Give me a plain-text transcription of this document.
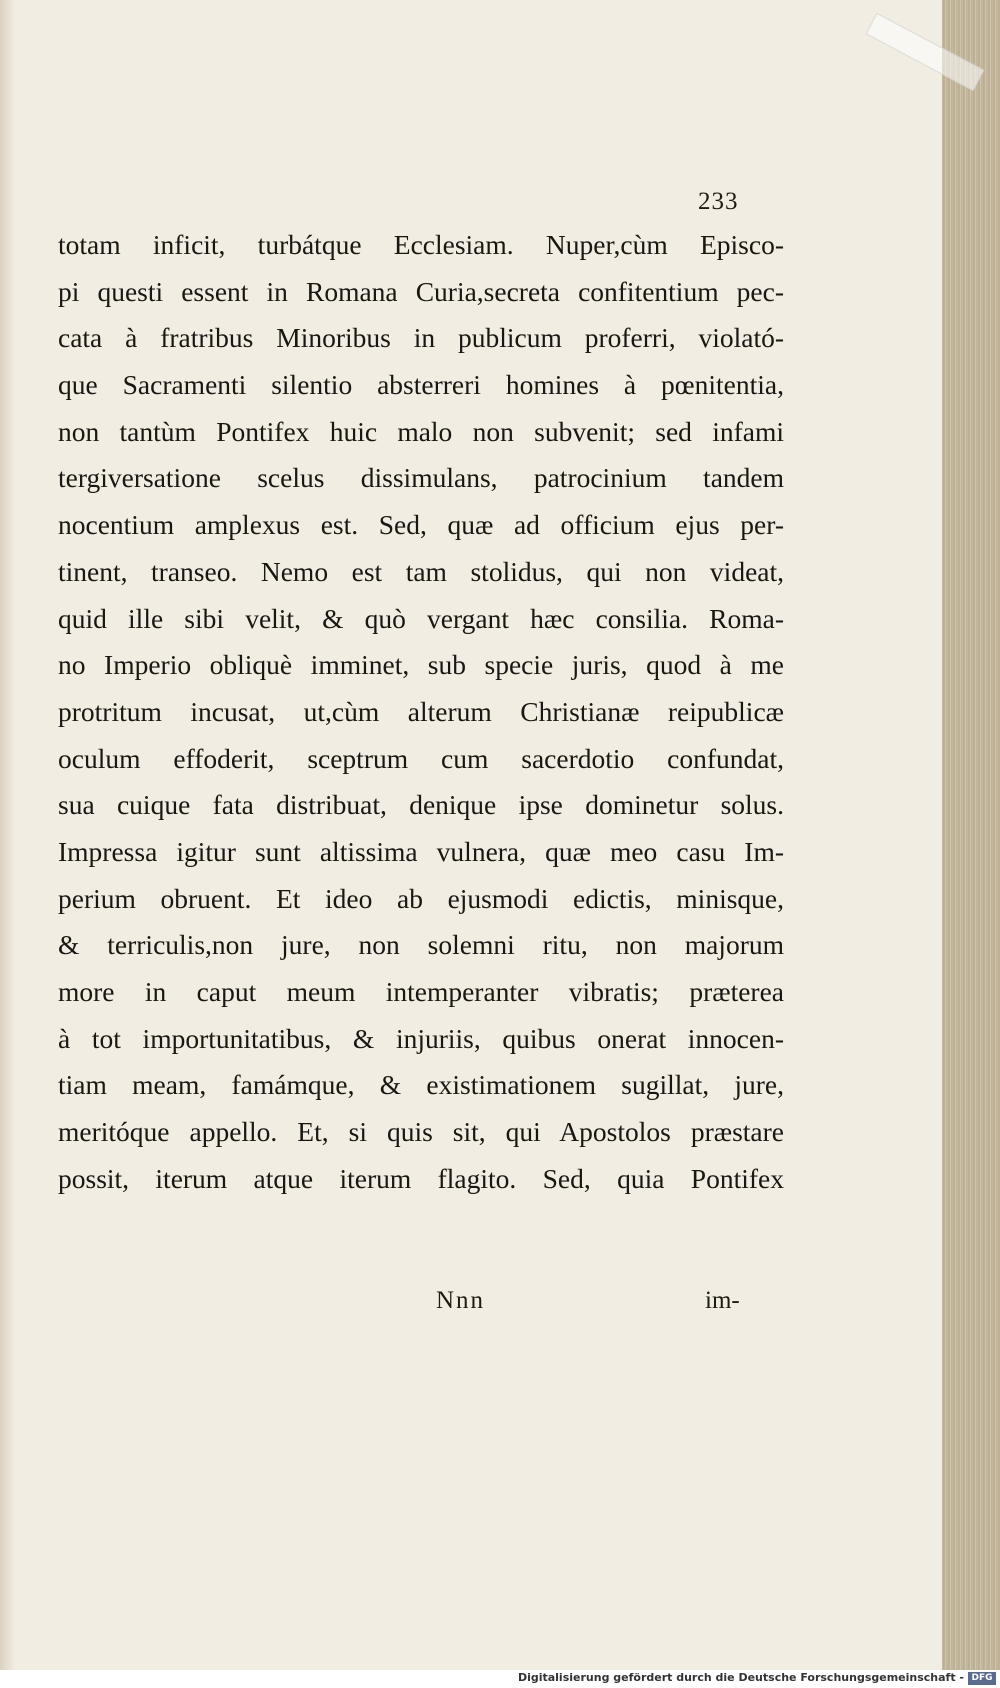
233
totam inficit, turbátque Ecclesiam. Nuper,cùm Episco-
pi questi essent in Romana Curia,secreta confitentium pec-
cata à fratribus Minoribus in publicum proferri, violató-
que Sacramenti silentio absterreri homines à pœnitentia,
non tantùm Pontifex huic malo non subvenit; sed infami
tergiversatione scelus dissimulans, patrocinium tandem
nocentium amplexus est. Sed, quæ ad officium ejus per-
tinent, transeo. Nemo est tam stolidus, qui non videat,
quid ille sibi velit, & quò vergant hæc consilia. Roma-
no Imperio obliquè imminet, sub specie juris, quod à me
protritum incusat, ut,cùm alterum Christianæ reipublicæ
oculum effoderit, sceptrum cum sacerdotio confundat,
sua cuique fata distribuat, denique ipse dominetur solus.
Impressa igitur sunt altissima vulnera, quæ meo casu Im-
perium obruent. Et ideo ab ejusmodi edictis, minisque,
& terriculis,non jure, non solemni ritu, non majorum
more in caput meum intemperanter vibratis; præterea
à tot importunitatibus, & injuriis, quibus onerat innocen-
tiam meam, famámque, & existimationem sugillat, jure,
meritóque appello. Et, si quis sit, qui Apostolos præstare
possit, iterum atque iterum flagito. Sed, quia Pontifex
Nnn	im-
Digitalisierung gefördert durch die Deutsche Forschungsgemeinschaft - DFG
